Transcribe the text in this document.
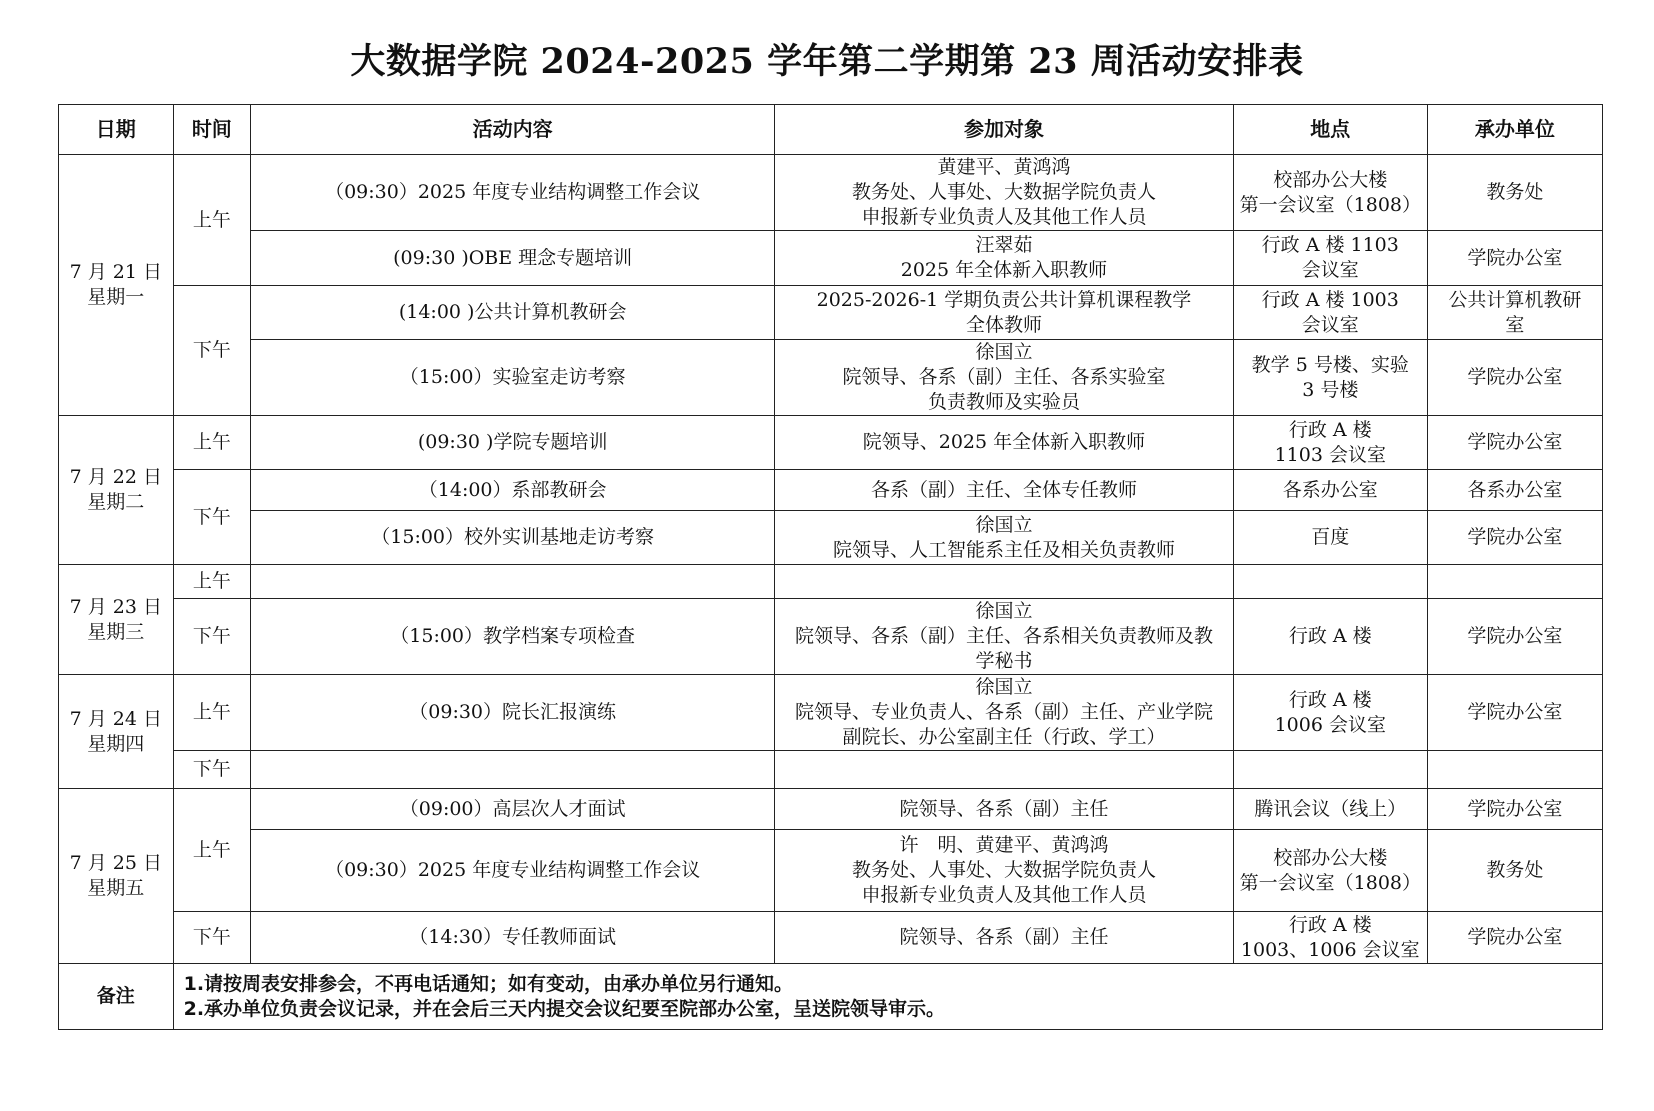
大数据学院 2024-2025 学年第二学期第 23 周活动安排表
日期	时间	活动内容	参加对象	地点	承办单位

7 月 21 日
星期一	上午	（09:30）2025 年度专业结构调整工作会议	黄建平、黄鸿鸿
教务处、人事处、大数据学院负责人
申报新专业负责人及其他工作人员	校部办公大楼
第一会议室（1808）	教务处

		(09:30 )OBE 理念专题培训	汪翠茹
2025 年全体新入职教师	行政 A 楼 1103
会议室	学院办公室

	下午	(14:00 )公共计算机教研会	2025-2026-1 学期负责公共计算机课程教学
全体教师	行政 A 楼 1003
会议室	公共计算机教研
室

		（15:00）实验室走访考察	徐国立
院领导、各系（副）主任、各系实验室
负责教师及实验员	教学 5 号楼、实验
3 号楼	学院办公室

7 月 22 日
星期二	上午	(09:30 )学院专题培训	院领导、2025 年全体新入职教师	行政 A 楼
1103 会议室	学院办公室

	下午	（14:00）系部教研会	各系（副）主任、全体专任教师	各系办公室	各系办公室

		（15:00）校外实训基地走访考察	徐国立
院领导、人工智能系主任及相关负责教师	百度	学院办公室

7 月 23 日
星期三	上午				
	下午	（15:00）教学档案专项检查	徐国立
院领导、各系（副）主任、各系相关负责教师及教
学秘书	行政 A 楼	学院办公室

7 月 24 日
星期四	上午	（09:30）院长汇报演练	徐国立
院领导、专业负责人、各系（副）主任、产业学院
副院长、办公室副主任（行政、学工）	行政 A 楼
1006 会议室	学院办公室

	下午				

7 月 25 日
星期五	上午	（09:00）高层次人才面试	院领导、各系（副）主任	腾讯会议（线上）	学院办公室

		（09:30）2025 年度专业结构调整工作会议	许　明、黄建平、黄鸿鸿
教务处、人事处、大数据学院负责人
申报新专业负责人及其他工作人员	校部办公大楼
第一会议室（1808）	教务处

	下午	（14:30）专任教师面试	院领导、各系（副）主任	行政 A 楼
1003、1006 会议室	学院办公室

备注	1.请按周表安排参会，不再电话通知；如有变动，由承办单位另行通知。
2.承办单位负责会议记录，并在会后三天内提交会议纪要至院部办公室，呈送院领导审示。				
